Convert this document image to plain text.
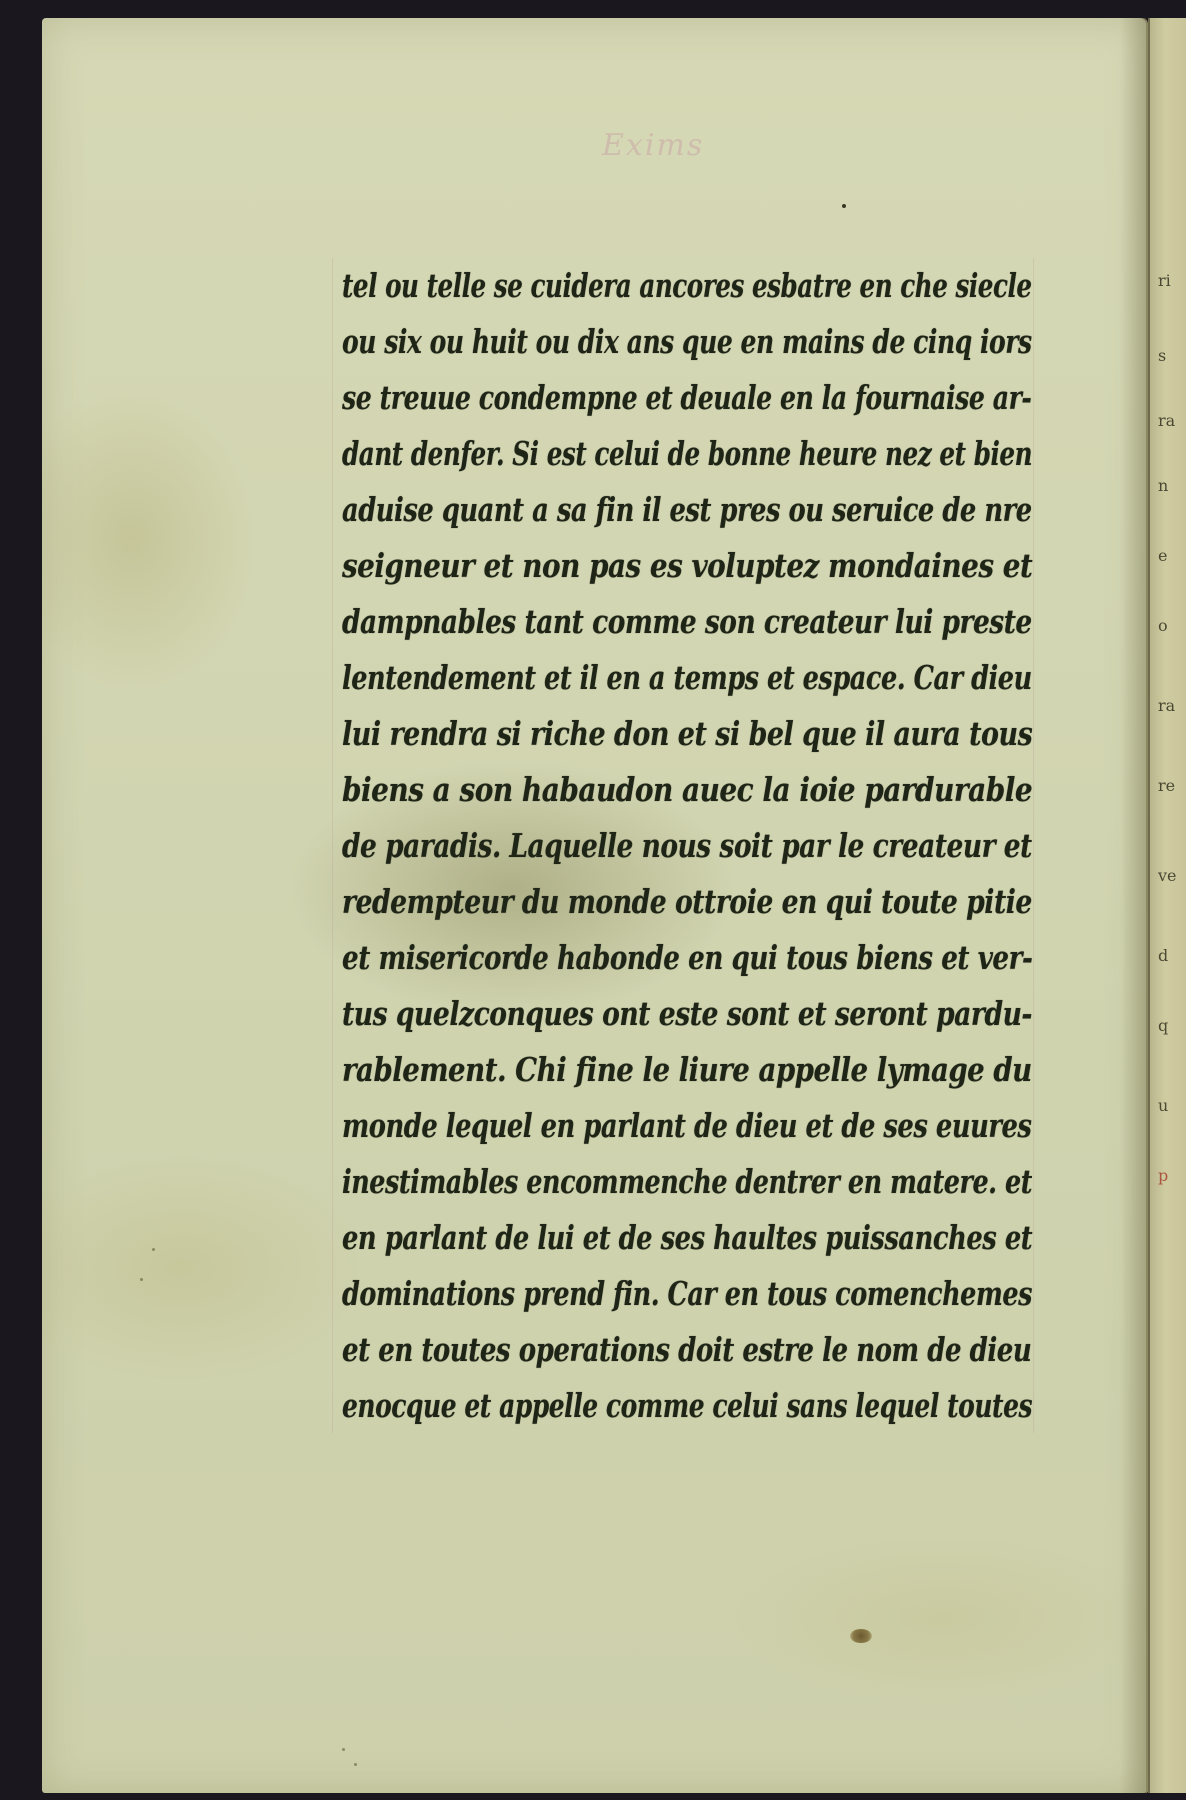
ri
s
ra
n
e
o
ra
re
ve
d
q
u
p
Exims
tel ou telle se cuidera ancores esbatre en che siecle
ou six ou huit ou dix ans que en mains de cinq iors
se treuue condempne et deuale en la fournaise ar-
dant denfer. Si est celui de bonne heure nez et bien
aduise quant a sa fin il est pres ou seruice de nre
seigneur et non pas es voluptez mondaines et
dampnables tant comme son createur lui preste
lentendement et il en a temps et espace. Car dieu
lui rendra si riche don et si bel que il aura tous
biens a son habaudon auec la ioie pardurable
de paradis. Laquelle nous soit par le createur et
redempteur du monde ottroie en qui toute pitie
et misericorde habonde en qui tous biens et ver-
tus quelzconques ont este sont et seront pardu-
rablement. Chi fine le liure appelle lymage du
monde lequel en parlant de dieu et de ses euures
inestimables encommenche dentrer en matere. et
en parlant de lui et de ses haultes puissanches et
dominations prend fin. Car en tous comenchemes
et en toutes operations doit estre le nom de dieu
enocque et appelle comme celui sans lequel toutes
